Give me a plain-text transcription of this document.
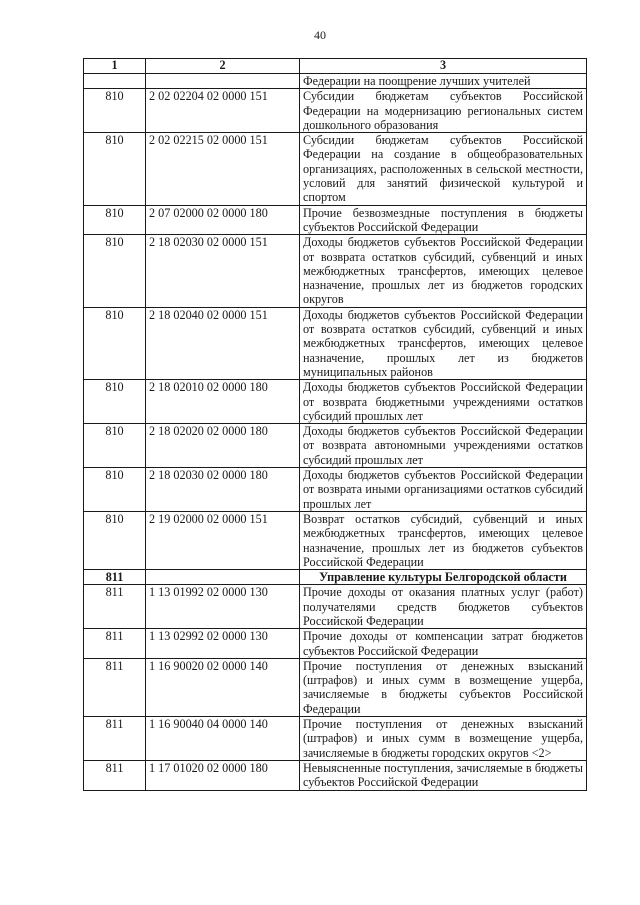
40
1	2	3
		Федерации на поощрение лучших учителей
810	2 02 02204 02 0000 151	Субсидии бюджетам субъектов Российской Федерации на модернизацию региональных систем дошкольного образования
810	2 02 02215 02 0000 151	Субсидии бюджетам субъектов Российской Федерации на создание в общеобразовательных организациях, расположенных в сельской местности, условий для занятий физической культурой и спортом
810	2 07 02000 02 0000 180	Прочие безвозмездные поступления в бюджеты субъектов Российской Федерации
810	2 18 02030 02 0000 151	Доходы бюджетов субъектов Российской Федерации от возврата остатков субсидий, субвенций и иных межбюджетных трансфертов, имеющих целевое назначение, прошлых лет из бюджетов городских округов
810	2 18 02040 02 0000 151	Доходы бюджетов субъектов Российской Федерации от возврата остатков субсидий, субвенций и иных межбюджетных трансфертов, имеющих целевое назначение, прошлых лет из бюджетов муниципальных районов
810	2 18 02010 02 0000 180	Доходы бюджетов субъектов Российской Федерации от возврата бюджетными учреждениями остатков субсидий прошлых лет
810	2 18 02020 02 0000 180	Доходы бюджетов субъектов Российской Федерации от возврата автономными учреждениями остатков субсидий прошлых лет
810	2 18 02030 02 0000 180	Доходы бюджетов субъектов Российской Федерации от возврата иными организациями остатков субсидий прошлых лет
810	2 19 02000 02 0000 151	Возврат остатков субсидий, субвенций и иных межбюджетных трансфертов, имеющих целевое назначение, прошлых лет из бюджетов субъектов Российской Федерации
811		Управление культуры Белгородской области
811	1 13 01992 02 0000 130	Прочие доходы от оказания платных услуг (работ) получателями средств бюджетов субъектов Российской Федерации
811	1 13 02992 02 0000 130	Прочие доходы от компенсации затрат бюджетов субъектов Российской Федерации
811	1 16 90020 02 0000 140	Прочие поступления от денежных взысканий (штрафов) и иных сумм в возмещение ущерба, зачисляемые в бюджеты субъектов Российской Федерации
811	1 16 90040 04 0000 140	Прочие поступления от денежных взысканий (штрафов) и иных сумм в возмещение ущерба, зачисляемые в бюджеты городских округов <2>
811	1 17 01020 02 0000 180	Невыясненные поступления, зачисляемые в бюджеты субъектов Российской Федерации
